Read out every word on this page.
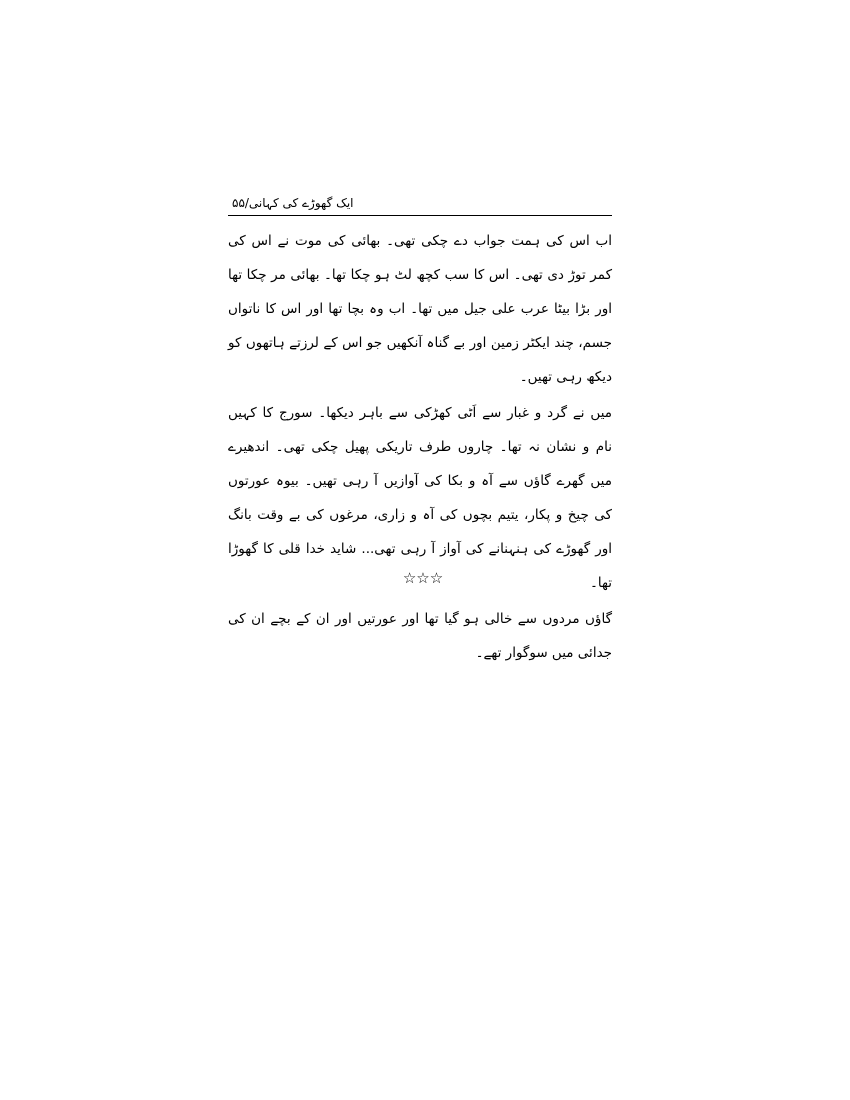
ایک گھوڑے کی کہانی/۵۵

اب اس کی ہمت جواب دے چکی تھی۔ بھائی کی موت نے اس کی کمر توڑ دی تھی۔ اس کا سب کچھ لٹ ہو چکا تھا۔ بھائی مر چکا تھا اور بڑا بیٹا عرب علی جیل میں تھا۔ اب وہ بچا تھا اور اس کا ناتواں جسم، چند ایکٹر زمین اور بے گناہ آنکھیں جو اس کے لرزتے ہاتھوں کو دیکھ رہی تھیں۔

میں نے گرد و غبار سے اَٹی کھڑکی سے باہر دیکھا۔ سورج کا کہیں نام و نشان نہ تھا۔ چاروں طرف تاریکی پھیل چکی تھی۔ اندھیرے میں گھرے گاؤں سے آہ و بکا کی آوازیں آ رہی تھیں۔ بیوہ عورتوں کی چیخ و پکار، یتیم بچوں کی آہ و زاری، مرغوں کی بے وقت بانگ اور گھوڑے کی ہنہنانے کی آواز آ رہی تھی... شاید خدا قلی کا گھوڑا تھا۔

گاؤں مردوں سے خالی ہو گیا تھا اور عورتیں اور ان کے بچے ان کی جدائی میں سوگوار تھے۔

☆☆☆
